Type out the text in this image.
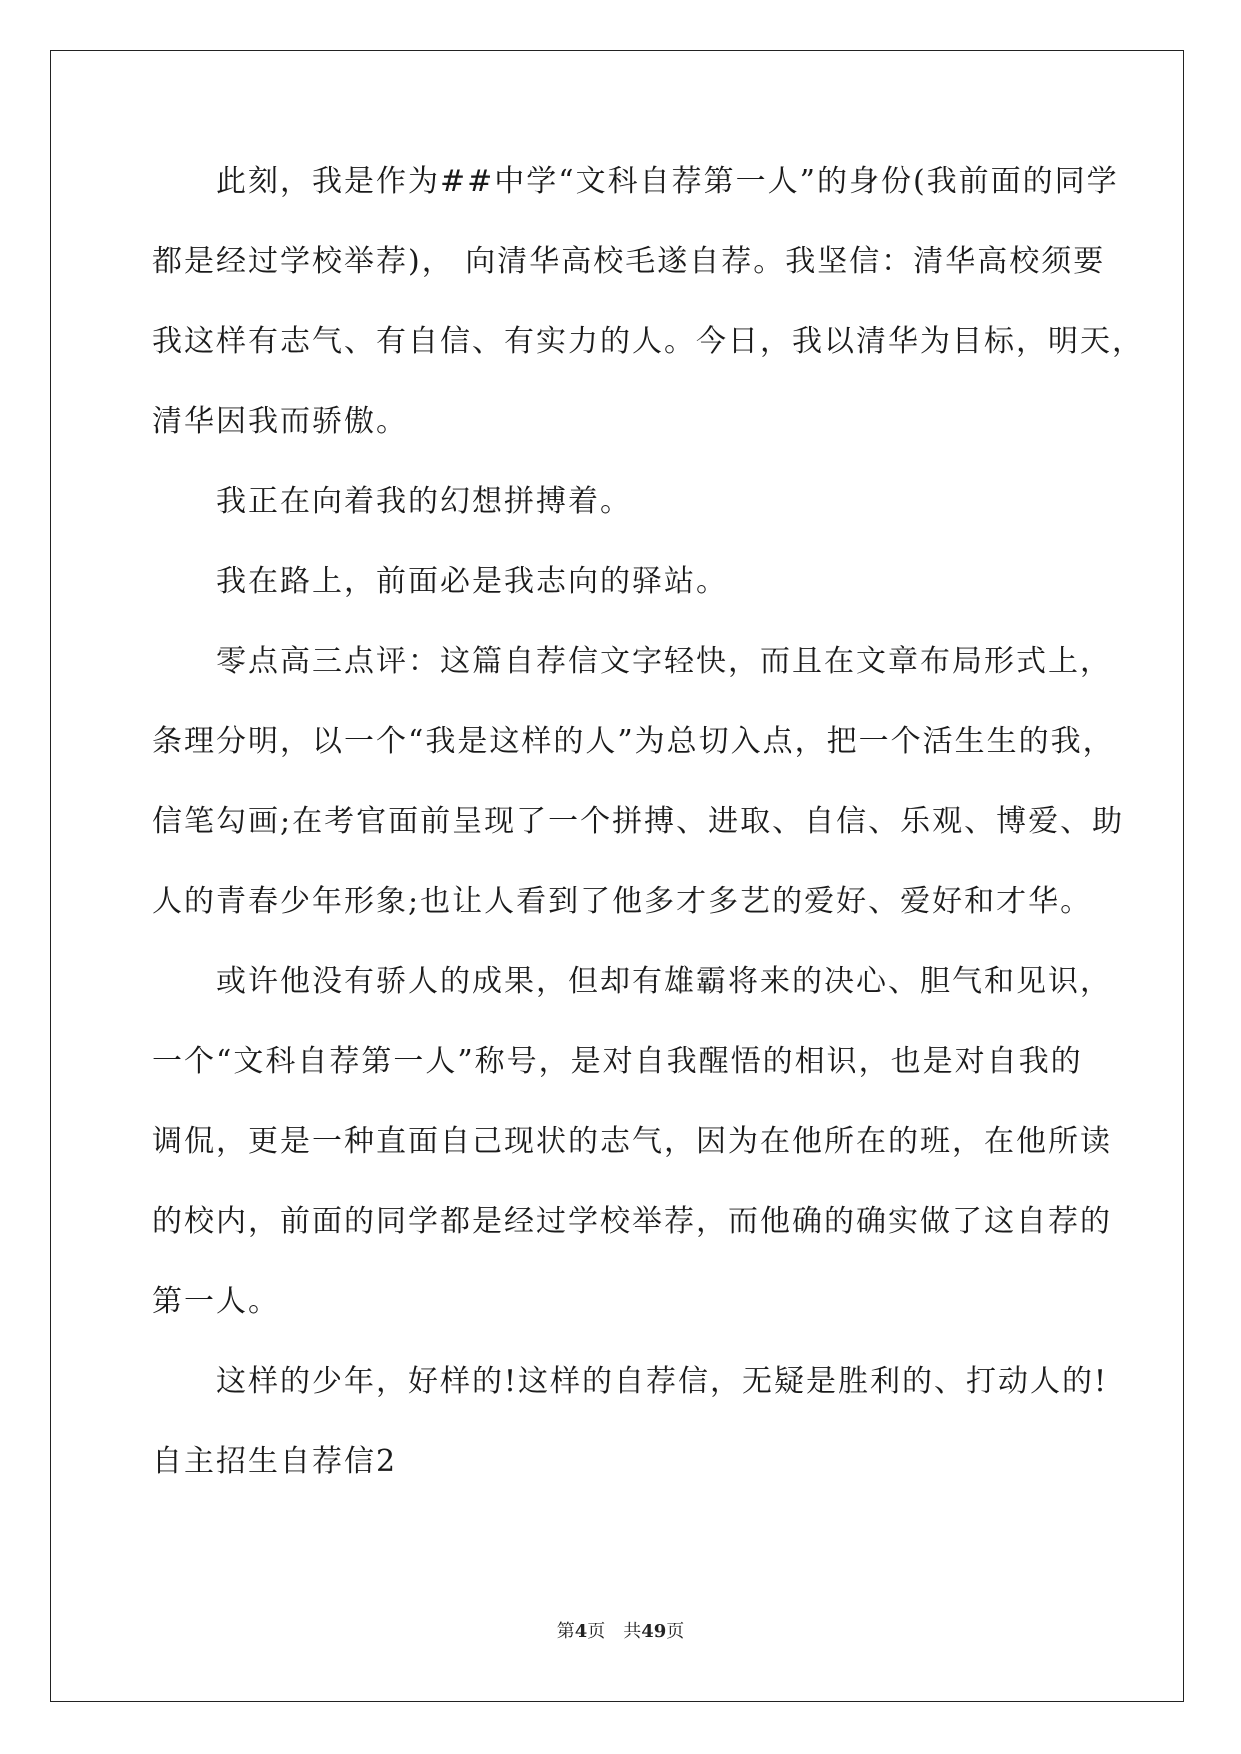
此刻，我是作为##中学“文科自荐第一人”的身份(我前面的同学
都是经过学校举荐)， 向清华高校毛遂自荐。我坚信：清华高校须要
我这样有志气、有自信、有实力的人。今日，我以清华为目标，明天，
清华因我而骄傲。
我正在向着我的幻想拼搏着。
我在路上，前面必是我志向的驿站。
零点高三点评：这篇自荐信文字轻快，而且在文章布局形式上，
条理分明，以一个“我是这样的人”为总切入点，把一个活生生的我，
信笔勾画;在考官面前呈现了一个拼搏、进取、自信、乐观、博爱、助
人的青春少年形象;也让人看到了他多才多艺的爱好、爱好和才华。
或许他没有骄人的成果，但却有雄霸将来的决心、胆气和见识，
一个“文科自荐第一人”称号，是对自我醒悟的相识，也是对自我的
调侃，更是一种直面自己现状的志气，因为在他所在的班，在他所读
的校内，前面的同学都是经过学校举荐，而他确的确实做了这自荐的
第一人。
这样的少年，好样的!这样的自荐信，无疑是胜利的、打动人的!
自主招生自荐信2
第4页 共49页
